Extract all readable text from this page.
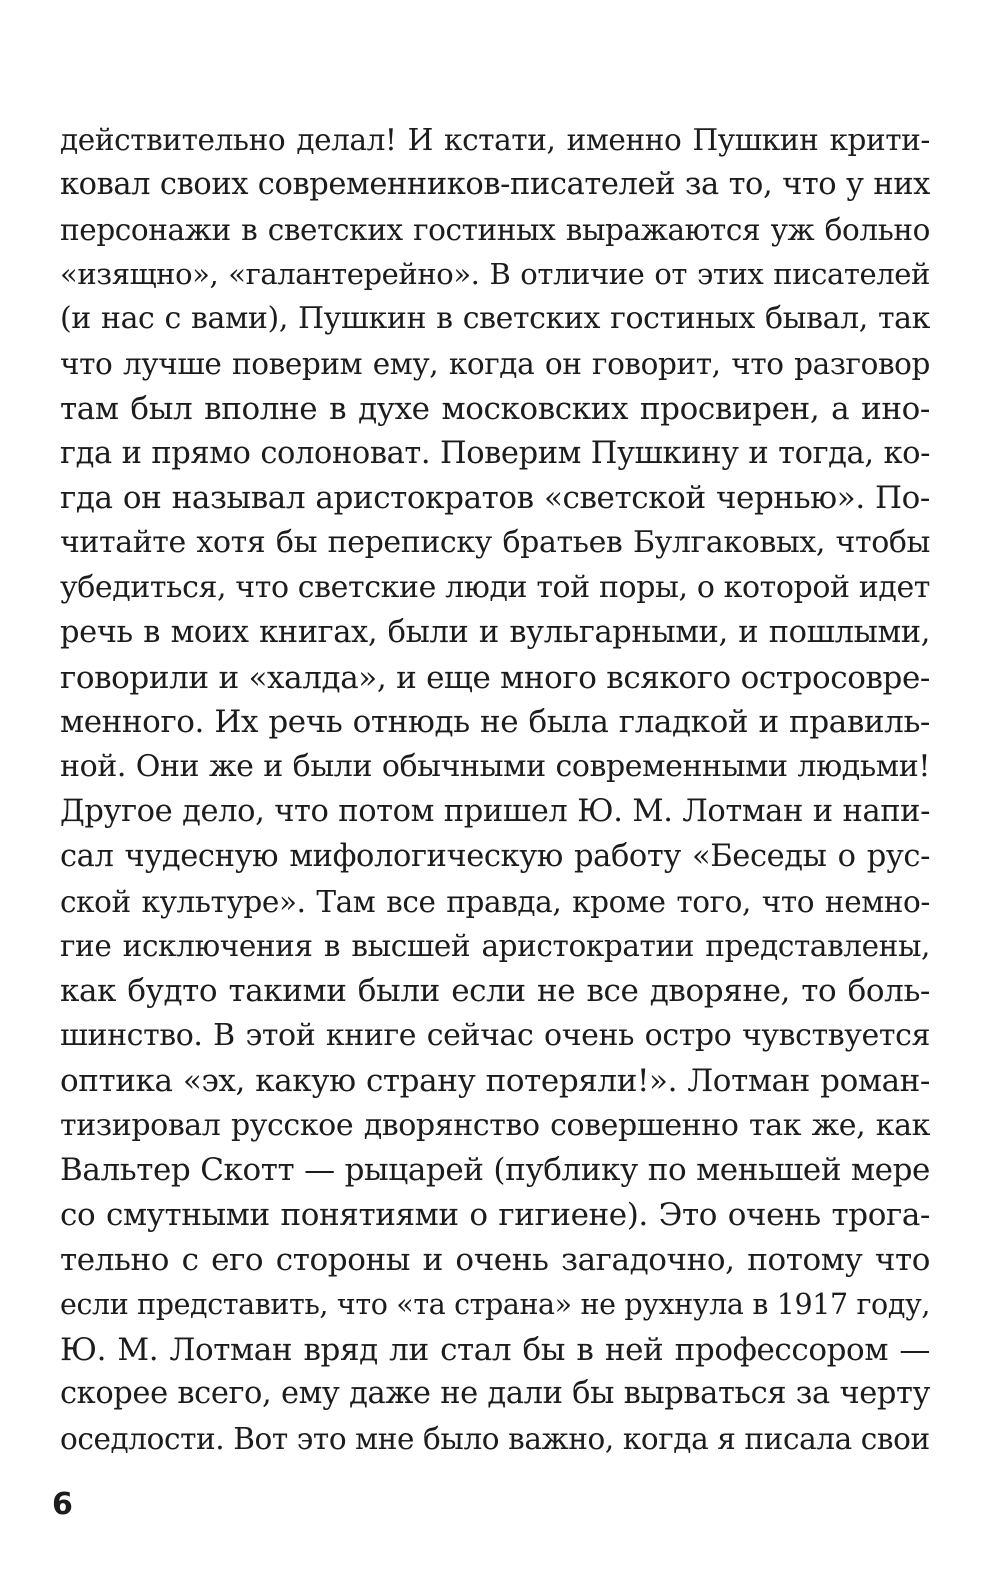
действительно делал! И кстати, именно Пушкин крити-
ковал своих современников-писателей за то, что у них
персонажи в светских гостиных выражаются уж больно
«изящно», «галантерейно». В отличие от этих писателей
(и нас с вами), Пушкин в светских гостиных бывал, так
что лучше поверим ему, когда он говорит, что разговор
там был вполне в духе московских просвирен, а ино-
гда и прямо солоноват. Поверим Пушкину и тогда, ко-
гда он называл аристократов «светской чернью». По-
читайте хотя бы переписку братьев Булгаковых, чтобы
убедиться, что светские люди той поры, о которой идет
речь в моих книгах, были и вульгарными, и пошлыми,
говорили и «халда», и еще много всякого остросовре-
менного. Их речь отнюдь не была гладкой и правиль-
ной. Они же и были обычными современными людьми!
Другое дело, что потом пришел Ю. М. Лотман и напи-
сал чудесную мифологическую работу «Беседы о рус-
ской культуре». Там все правда, кроме того, что немно-
гие исключения в высшей аристократии представлены,
как будто такими были если не все дворяне, то боль-
шинство. В этой книге сейчас очень остро чувствуется
оптика «эх, какую страну потеряли!». Лотман роман-
тизировал русское дворянство совершенно так же, как
Вальтер Скотт — рыцарей (публику по меньшей мере
со смутными понятиями о гигиене). Это очень трога-
тельно с его стороны и очень загадочно, потому что
если представить, что «та страна» не рухнула в 1917 году,
Ю. М. Лотман вряд ли стал бы в ней профессором —
скорее всего, ему даже не дали бы вырваться за черту
оседлости. Вот это мне было важно, когда я писала свои
6
